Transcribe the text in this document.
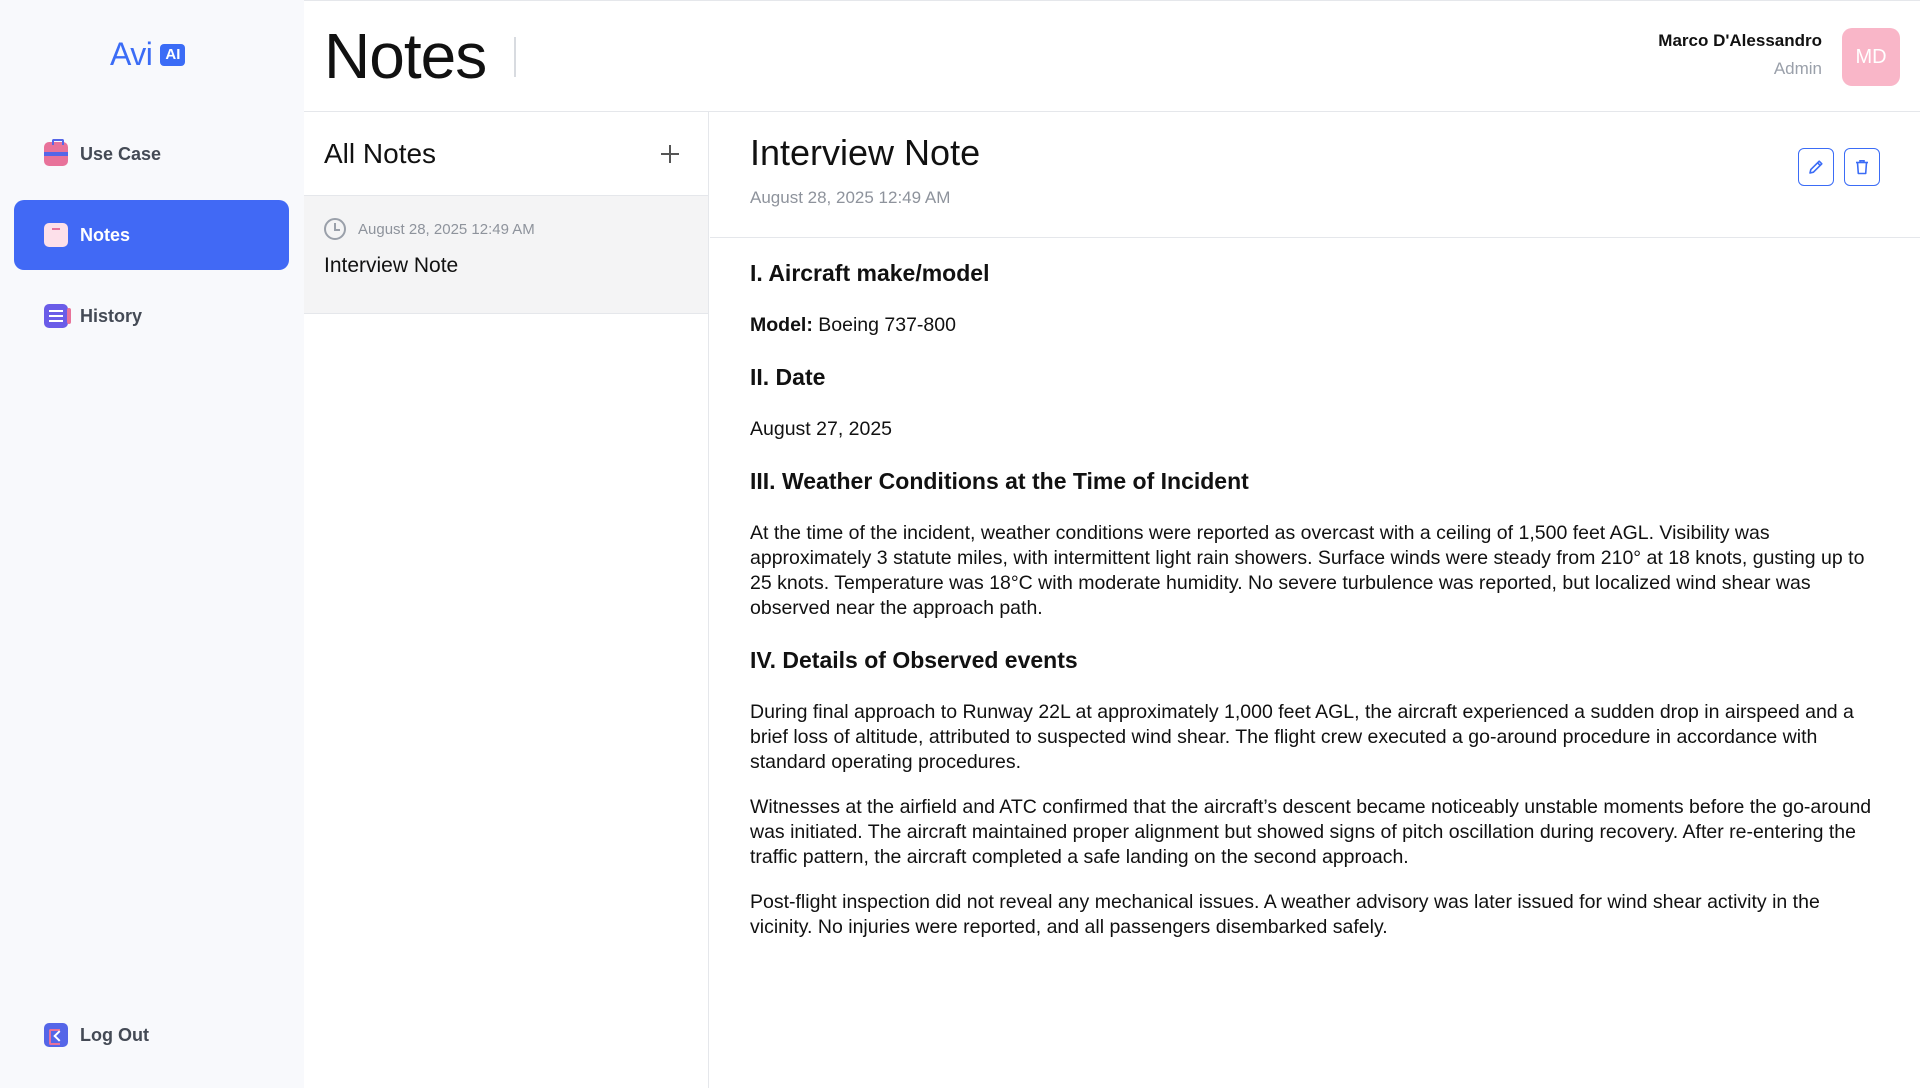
Avi AI
Use Case
Notes
History
Log Out
Notes	Marco D'Alessandro
Admin
MD
All Notes
August 28, 2025 12:49 AM
Interview Note
Interview Note
August 28, 2025 12:49 AM
I. Aircraft make/model

Model: Boeing 737-800

II. Date

August 27, 2025

III. Weather Conditions at the Time of Incident

At the time of the incident, weather conditions were reported as overcast with a ceiling of 1,500 feet AGL. Visibility was approximately 3 statute miles, with intermittent light rain showers. Surface winds were steady from 210° at 18 knots, gusting up to 25 knots. Temperature was 18°C with moderate humidity. No severe turbulence was reported, but localized wind shear was observed near the approach path.

IV. Details of Observed events

During final approach to Runway 22L at approximately 1,000 feet AGL, the aircraft experienced a sudden drop in airspeed and a brief loss of altitude, attributed to suspected wind shear. The flight crew executed a go-around procedure in accordance with standard operating procedures.

Witnesses at the airfield and ATC confirmed that the aircraft’s descent became noticeably unstable moments before the go-around was initiated. The aircraft maintained proper alignment but showed signs of pitch oscillation during recovery. After re-entering the traffic pattern, the aircraft completed a safe landing on the second approach.

Post-flight inspection did not reveal any mechanical issues. A weather advisory was later issued for wind shear activity in the vicinity. No injuries were reported, and all passengers disembarked safely.
